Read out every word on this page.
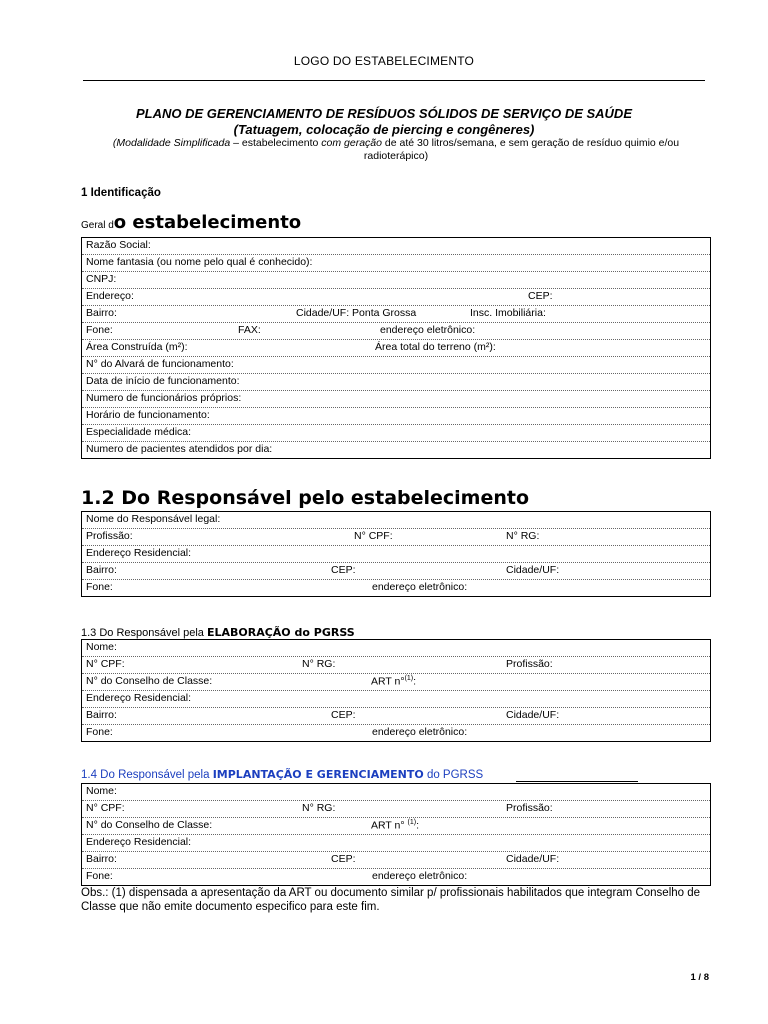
LOGO DO ESTABELECIMENTO
PLANO DE GERENCIAMENTO DE RESÍDUOS SÓLIDOS DE SERVIÇO DE SAÚDE
(Tatuagem, colocação de piercing e congêneres)
(Modalidade Simplificada – estabelecimento com geração de até 30 litros/semana, e sem geração de resíduo quimio e/ou radioterápico)
1 Identificação
Geral do estabelecimento
Razão Social:

Nome fantasia (ou nome pelo qual é conhecido):

CNPJ:

Endereço:	CEP:

Bairro:	Cidade/UF: Ponta Grossa	Insc. Imobiliária:

Fone:	FAX:	endereço eletrônico:

Área Construída (m²):	Área total do terreno (m²):

N° do Alvará de funcionamento:

Data de início de funcionamento:

Numero de funcionários próprios:

Horário de funcionamento:

Especialidade médica:

Numero de pacientes atendidos por dia:
1.2 Do Responsável pelo estabelecimento
Nome do Responsável legal:

Profissão:	N° CPF:	N° RG:

Endereço Residencial:

Bairro:	CEP:	Cidade/UF:

Fone:	endereço eletrônico:
1.3 Do Responsável pela ELABORAÇÃO do PGRSS
Nome:

N° CPF:	N° RG:	Profissão:

N° do Conselho de Classe:	ART n°$^{(1)}$:

Endereço Residencial:

Bairro:	CEP:	Cidade/UF:

Fone:	endereço eletrônico:
1.4 Do Responsável pela IMPLANTAÇÃO E GERENCIAMENTO do PGRSS
Nome:

N° CPF:	N° RG:	Profissão:

N° do Conselho de Classe:	ART n° $^{(1)}$:

Endereço Residencial:

Bairro:	CEP:	Cidade/UF:

Fone:	endereço eletrônico:
Obs.: (1) dispensada a apresentação da ART ou documento similar p/ profissionais habilitados que integram Conselho de Classe que não emite documento especifico para este fim.
1 / 8
